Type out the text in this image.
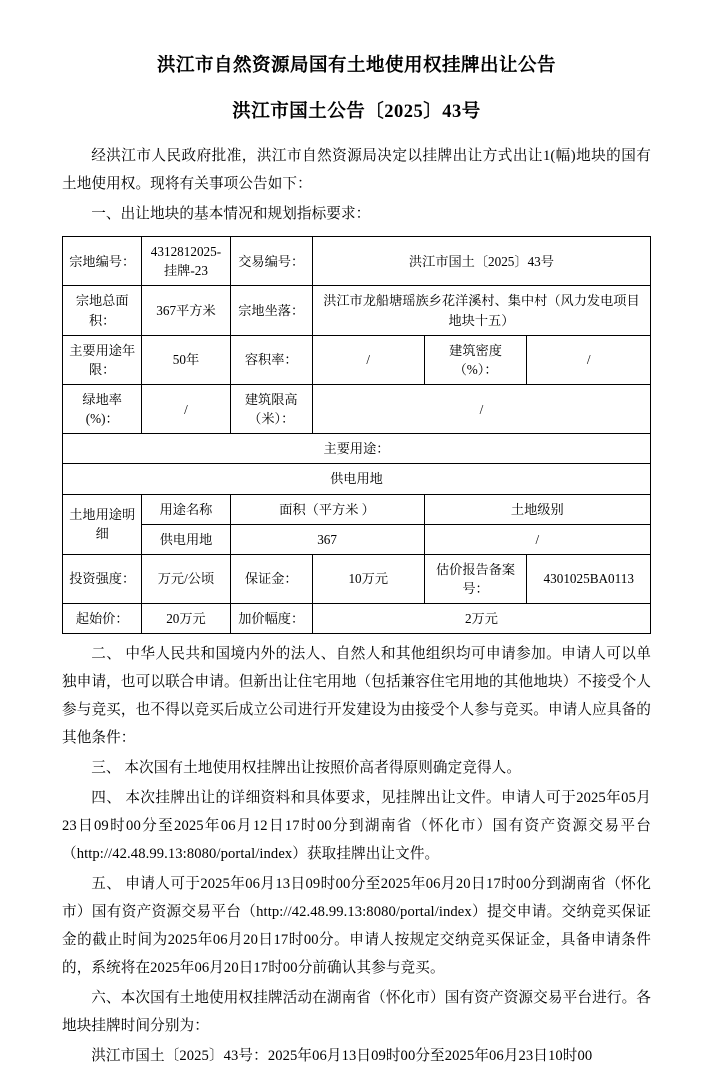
洪江市自然资源局国有土地使用权挂牌出让公告
洪江市国土公告〔2025〕43号

经洪江市人民政府批准，洪江市自然资源局决定以挂牌出让方式出让1(幅)地块的国有土地使用权。现将有关事项公告如下：

一、出让地块的基本情况和规划指标要求：

宗地编号：	4312812025-挂牌-23	交易编号：	洪江市国土〔2025〕43号		
宗地总面积：	367平方米	宗地坐落：	洪江市龙船塘瑶族乡花洋溪村、集中村（风力发电项目地块十五）		
主要用途年限：	50年	容积率：	/	建筑密度（%）：	/
绿地率(%)：	/	建筑限高（米）：	/		
主要用途：					
供电用地					
土地用途明细	用途名称	面积（平方米 ）		土地级别	
	供电用地	367		/	
投资强度：	万元/公顷	保证金：	10万元	估价报告备案号：	4301025BA0113
起始价：	20万元	加价幅度：	2万元		

二、 中华人民共和国境内外的法人、自然人和其他组织均可申请参加。申请人可以单独申请，也可以联合申请。但新出让住宅用地（包括兼容住宅用地的其他地块）不接受个人参与竞买，也不得以竞买后成立公司进行开发建设为由接受个人参与竞买。申请人应具备的其他条件：

三、 本次国有土地使用权挂牌出让按照价高者得原则确定竞得人。

四、 本次挂牌出让的详细资料和具体要求，见挂牌出让文件。申请人可于2025年05月23日09时00分至2025年06月12日17时00分到湖南省（怀化市）国有资产资源交易平台（http://42.48.99.13:8080/portal/index）获取挂牌出让文件。

五、 申请人可于2025年06月13日09时00分至2025年06月20日17时00分到湖南省（怀化市）国有资产资源交易平台（http://42.48.99.13:8080/portal/index）提交申请。交纳竞买保证金的截止时间为2025年06月20日17时00分。申请人按规定交纳竞买保证金，具备申请条件的，系统将在2025年06月20日17时00分前确认其参与竞买。

六、本次国有土地使用权挂牌活动在湖南省（怀化市）国有资产资源交易平台进行。各地块挂牌时间分别为：

洪江市国土〔2025〕43号：2025年06月13日09时00分至2025年06月23日10时00
